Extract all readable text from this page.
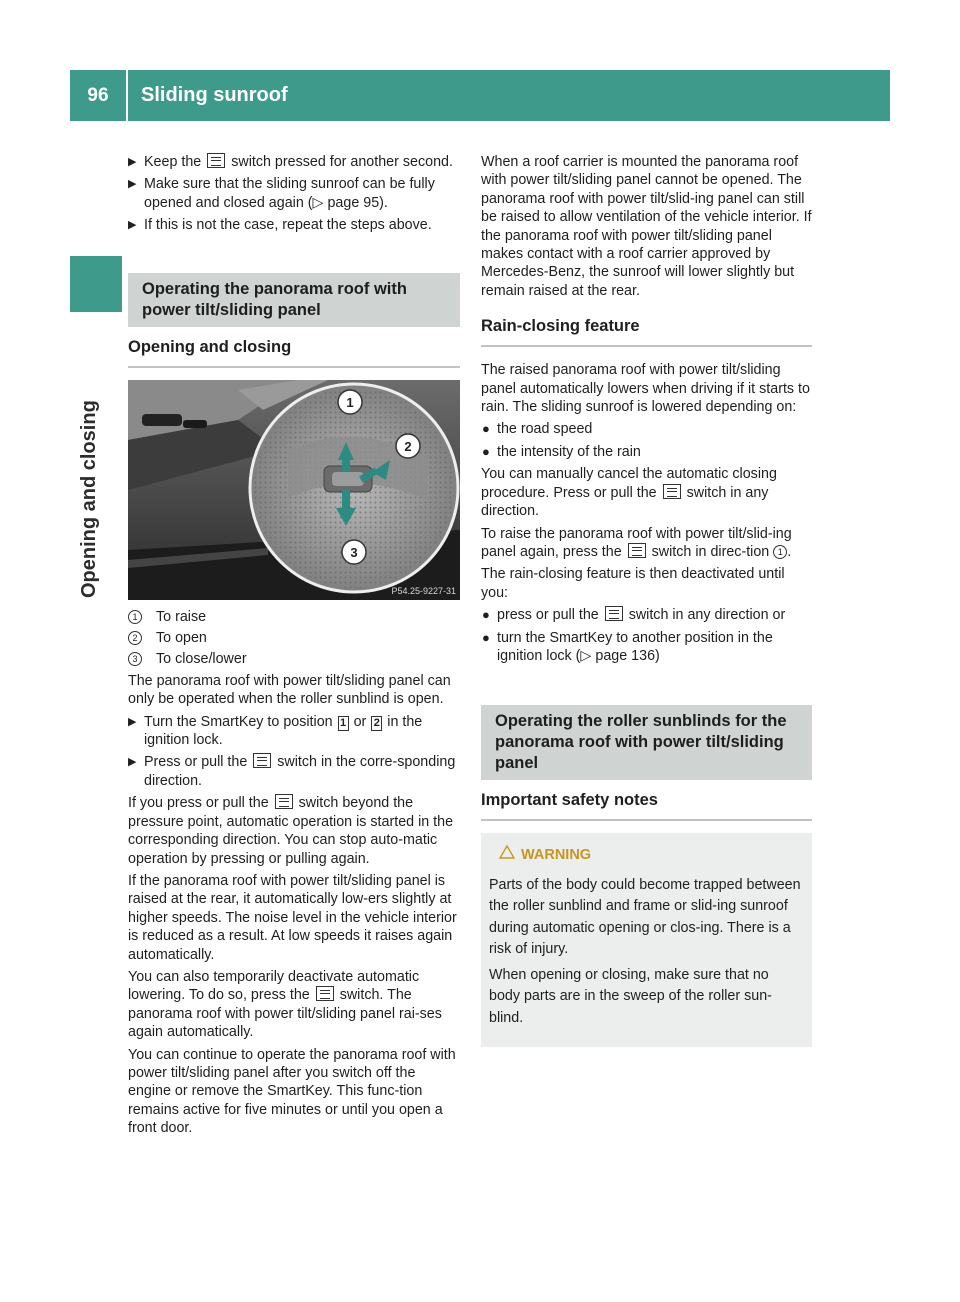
96	Sliding sunroof
Opening and closing
▶ Keep the switch pressed for another second.
▶ Make sure that the sliding sunroof can be fully opened and closed again (▷ page 95).
▶ If this is not the case, repeat the steps above.
Operating the panorama roof with power tilt/sliding panel
Opening and closing
1
2
3
P54.25-9227-31
1	To raise
2	To open
3	To close/lower
The panorama roof with power tilt/sliding panel can only be operated when the roller sunblind is open.
▶ Turn the SmartKey to position 1 or 2 in the ignition lock.
▶ Press or pull the switch in the corre-sponding direction.
If you press or pull the switch beyond the pressure point, automatic operation is started in the corresponding direction. You can stop auto-matic operation by pressing or pulling again.
If the panorama roof with power tilt/sliding panel is raised at the rear, it automatically low-ers slightly at higher speeds. The noise level in the vehicle interior is reduced as a result. At low speeds it raises again automatically.
You can also temporarily deactivate automatic lowering. To do so, press the switch. The panorama roof with power tilt/sliding panel rai-ses again automatically.
You can continue to operate the panorama roof with power tilt/sliding panel after you switch off the engine or remove the SmartKey. This func-tion remains active for five minutes or until you open a front door.
When a roof carrier is mounted the panorama roof with power tilt/sliding panel cannot be opened. The panorama roof with power tilt/slid-ing panel can still be raised to allow ventilation of the vehicle interior. If the panorama roof with power tilt/sliding panel makes contact with a roof carrier approved by Mercedes-Benz, the sunroof will lower slightly but remain raised at the rear.
Rain-closing feature
The raised panorama roof with power tilt/sliding panel automatically lowers when driving if it starts to rain. The sliding sunroof is lowered depending on:
● the road speed
● the intensity of the rain
You can manually cancel the automatic closing procedure. Press or pull the switch in any direction.
To raise the panorama roof with power tilt/slid-ing panel again, press the switch in direc-tion 1 .
The rain-closing feature is then deactivated until you:
● press or pull the switch in any direction or
● turn the SmartKey to another position in the ignition lock (▷ page 136)
Operating the roller sunblinds for the panorama roof with power tilt/sliding panel
Important safety notes
WARNING

Parts of the body could become trapped between the roller sunblind and frame or slid-ing sunroof during automatic opening or clos-ing. There is a risk of injury.

When opening or closing, make sure that no body parts are in the sweep of the roller sun-blind.
